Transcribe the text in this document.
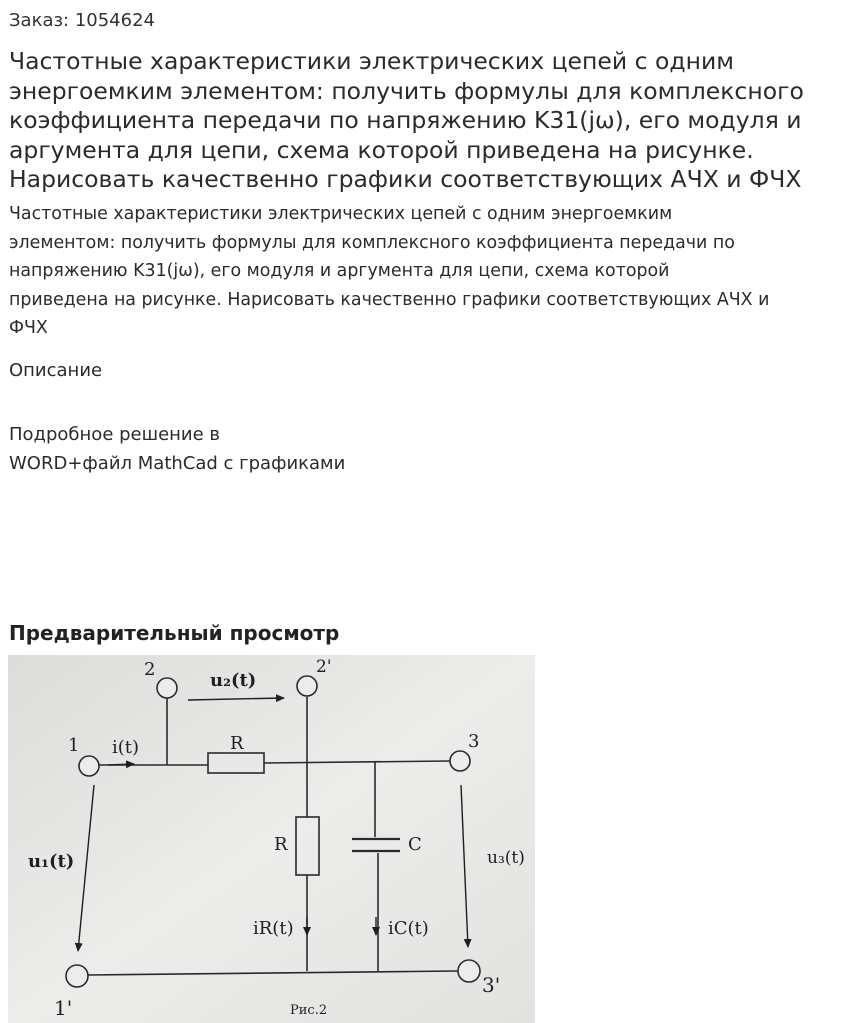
Заказ: 1054624
Частотные характеристики электрических цепей с одним
энергоемким элементом: получить формулы для комплексного
коэффициента передачи по напряжению K31(jω), его модуля и
аргумента для цепи, схема которой приведена на рисунке.
Нарисовать качественно графики соответствующих АЧХ и ФЧХ

Частотные характеристики электрических цепей с одним энергоемким
элементом: получить формулы для комплексного коэффициента передачи по
напряжению K31(jω), его модуля и аргумента для цепи, схема которой
приведена на рисунке. Нарисовать качественно графики соответствующих АЧХ и
ФЧХ

Описание
Подробное решение в
WORD+файл MathCad с графиками
Предварительный просмотр
2	2'
u₂(t)
1 i(t)	R	3
u₁(t)
R	C
u₃(t)
iR(t)	iC(t)
1'
3'
Рис.2
